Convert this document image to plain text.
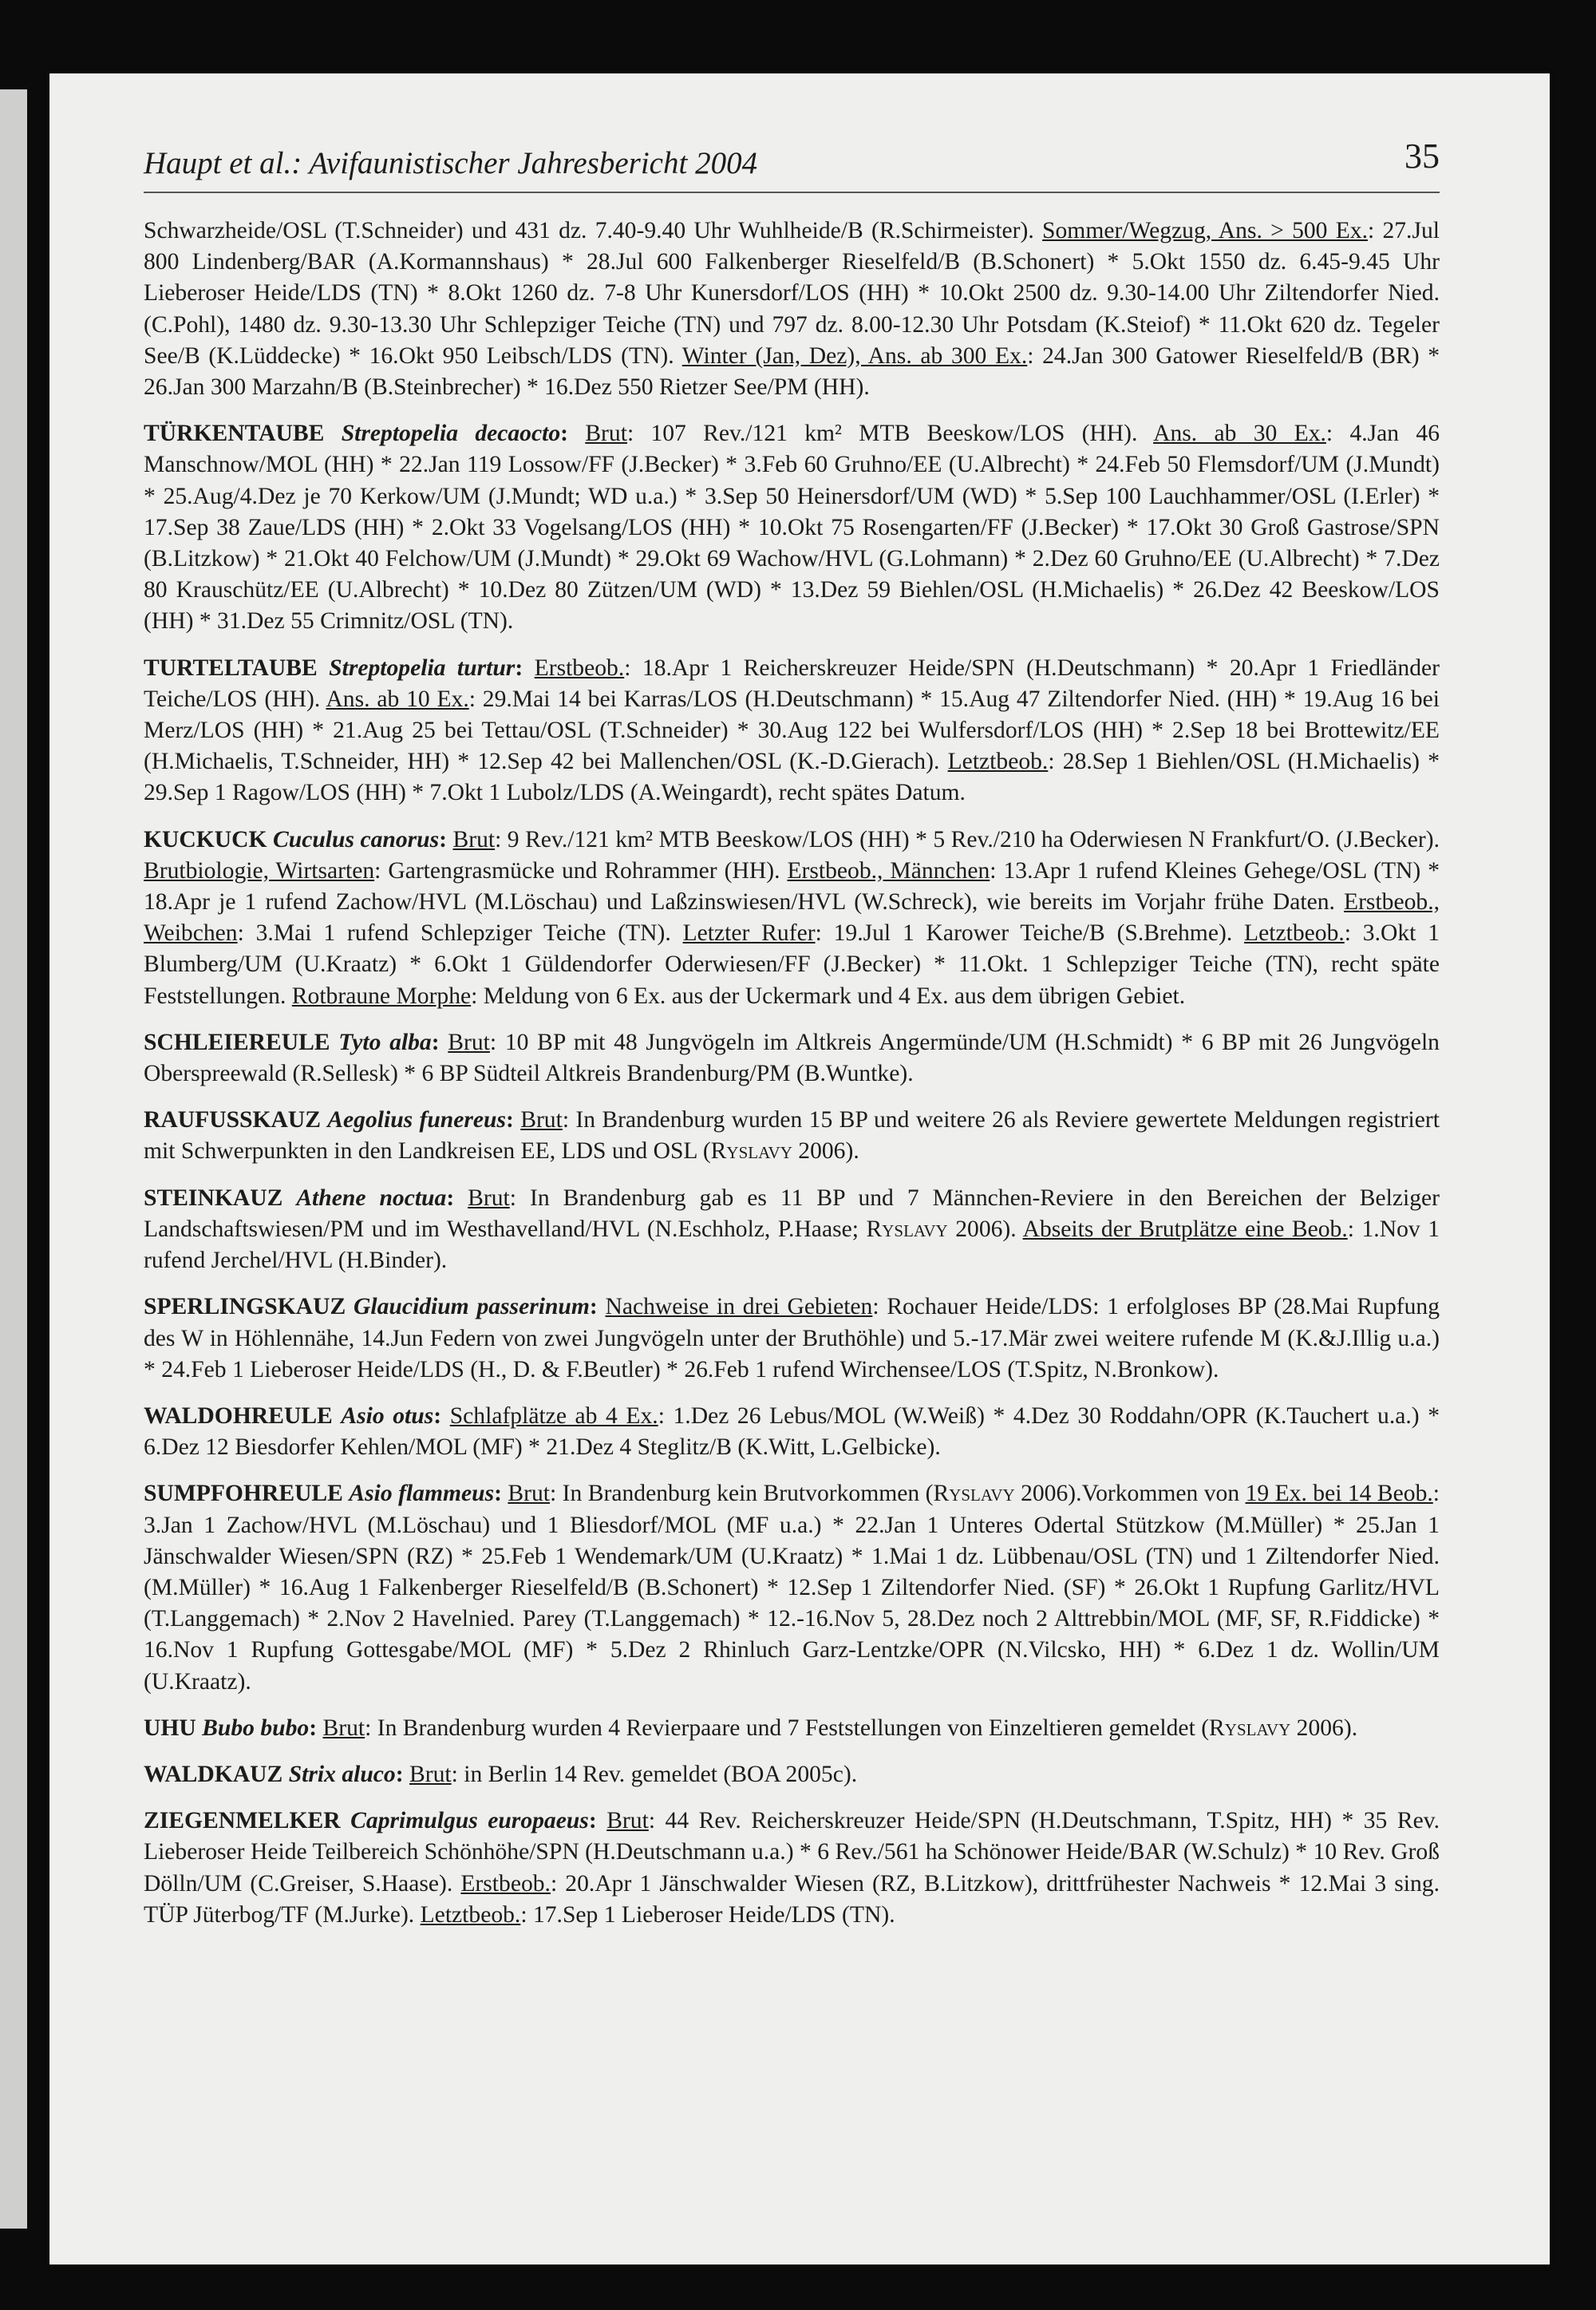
Haupt et al.: Avifaunistischer Jahresbericht 2004	35

Schwarzheide/OSL (T.Schneider) und 431 dz. 7.40-9.40 Uhr Wuhlheide/B (R.Schirmeister). Sommer/Wegzug, Ans. > 500 Ex.: 27.Jul 800 Lindenberg/BAR (A.Kormannshaus) * 28.Jul 600 Falkenberger Rieselfeld/B (B.Schonert) * 5.Okt 1550 dz. 6.45-9.45 Uhr Lieberoser Heide/LDS (TN) * 8.Okt 1260 dz. 7-8 Uhr Kunersdorf/LOS (HH) * 10.Okt 2500 dz. 9.30-14.00 Uhr Ziltendorfer Nied. (C.Pohl), 1480 dz. 9.30-13.30 Uhr Schlepziger Teiche (TN) und 797 dz. 8.00-12.30 Uhr Potsdam (K.Steiof) * 11.Okt 620 dz. Tegeler See/B (K.Lüddecke) * 16.Okt 950 Leibsch/LDS (TN). Winter (Jan, Dez), Ans. ab 300 Ex.: 24.Jan 300 Gatower Rieselfeld/B (BR) * 26.Jan 300 Marzahn/B (B.Steinbrecher) * 16.Dez 550 Rietzer See/PM (HH).

TÜRKENTAUBE Streptopelia decaocto: Brut: 107 Rev./121 km² MTB Beeskow/LOS (HH). Ans. ab 30 Ex.: 4.Jan 46 Manschnow/MOL (HH) * 22.Jan 119 Lossow/FF (J.Becker) * 3.Feb 60 Gruhno/EE (U.Albrecht) * 24.Feb 50 Flemsdorf/UM (J.Mundt) * 25.Aug/4.Dez je 70 Kerkow/UM (J.Mundt; WD u.a.) * 3.Sep 50 Heinersdorf/UM (WD) * 5.Sep 100 Lauchhammer/OSL (I.Erler) * 17.Sep 38 Zaue/LDS (HH) * 2.Okt 33 Vogelsang/LOS (HH) * 10.Okt 75 Rosengarten/FF (J.Becker) * 17.Okt 30 Groß Gastrose/SPN (B.Litzkow) * 21.Okt 40 Felchow/UM (J.Mundt) * 29.Okt 69 Wachow/HVL (G.Lohmann) * 2.Dez 60 Gruhno/EE (U.Albrecht) * 7.Dez 80 Krauschütz/EE (U.Albrecht) * 10.Dez 80 Zützen/UM (WD) * 13.Dez 59 Biehlen/OSL (H.Michaelis) * 26.Dez 42 Beeskow/LOS (HH) * 31.Dez 55 Crimnitz/OSL (TN).

TURTELTAUBE Streptopelia turtur: Erstbeob.: 18.Apr 1 Reicherskreuzer Heide/SPN (H.Deutschmann) * 20.Apr 1 Friedländer Teiche/LOS (HH). Ans. ab 10 Ex.: 29.Mai 14 bei Karras/LOS (H.Deutschmann) * 15.Aug 47 Ziltendorfer Nied. (HH) * 19.Aug 16 bei Merz/LOS (HH) * 21.Aug 25 bei Tettau/OSL (T.Schneider) * 30.Aug 122 bei Wulfersdorf/LOS (HH) * 2.Sep 18 bei Brottewitz/EE (H.Michaelis, T.Schneider, HH) * 12.Sep 42 bei Mallenchen/OSL (K.-D.Gierach). Letztbeob.: 28.Sep 1 Biehlen/OSL (H.Michaelis) * 29.Sep 1 Ragow/LOS (HH) * 7.Okt 1 Lubolz/LDS (A.Weingardt), recht spätes Datum.

KUCKUCK Cuculus canorus: Brut: 9 Rev./121 km² MTB Beeskow/LOS (HH) * 5 Rev./210 ha Oderwiesen N Frankfurt/O. (J.Becker). Brutbiologie, Wirtsarten: Gartengrasmücke und Rohrammer (HH). Erstbeob., Männchen: 13.Apr 1 rufend Kleines Gehege/OSL (TN) * 18.Apr je 1 rufend Zachow/HVL (M.Löschau) und Laßzinswiesen/HVL (W.Schreck), wie bereits im Vorjahr frühe Daten. Erstbeob., Weibchen: 3.Mai 1 rufend Schlepziger Teiche (TN). Letzter Rufer: 19.Jul 1 Karower Teiche/B (S.Brehme). Letztbeob.: 3.Okt 1 Blumberg/UM (U.Kraatz) * 6.Okt 1 Güldendorfer Oderwiesen/FF (J.Becker) * 11.Okt. 1 Schlepziger Teiche (TN), recht späte Feststellungen. Rotbraune Morphe: Meldung von 6 Ex. aus der Uckermark und 4 Ex. aus dem übrigen Gebiet.

SCHLEIEREULE Tyto alba: Brut: 10 BP mit 48 Jungvögeln im Altkreis Angermünde/UM (H.Schmidt) * 6 BP mit 26 Jungvögeln Oberspreewald (R.Sellesk) * 6 BP Südteil Altkreis Brandenburg/PM (B.Wuntke).

RAUFUSSKAUZ Aegolius funereus: Brut: In Brandenburg wurden 15 BP und weitere 26 als Reviere gewertete Meldungen registriert mit Schwerpunkten in den Landkreisen EE, LDS und OSL (Ryslavy 2006).

STEINKAUZ Athene noctua: Brut: In Brandenburg gab es 11 BP und 7 Männchen-Reviere in den Bereichen der Belziger Landschaftswiesen/PM und im Westhavelland/HVL (N.Eschholz, P.Haase; Ryslavy 2006). Abseits der Brutplätze eine Beob.: 1.Nov 1 rufend Jerchel/HVL (H.Binder).

SPERLINGSKAUZ Glaucidium passerinum: Nachweise in drei Gebieten: Rochauer Heide/LDS: 1 erfolgloses BP (28.Mai Rupfung des W in Höhlennähe, 14.Jun Federn von zwei Jungvögeln unter der Bruthöhle) und 5.-17.Mär zwei weitere rufende M (K.&J.Illig u.a.) * 24.Feb 1 Lieberoser Heide/LDS (H., D. & F.Beutler) * 26.Feb 1 rufend Wirchensee/LOS (T.Spitz, N.Bronkow).

WALDOHREULE Asio otus: Schlafplätze ab 4 Ex.: 1.Dez 26 Lebus/MOL (W.Weiß) * 4.Dez 30 Roddahn/OPR (K.Tauchert u.a.) * 6.Dez 12 Biesdorfer Kehlen/MOL (MF) * 21.Dez 4 Steglitz/B (K.Witt, L.Gelbicke).

SUMPFOHREULE Asio flammeus: Brut: In Brandenburg kein Brutvorkommen (Ryslavy 2006).Vorkommen von 19 Ex. bei 14 Beob.: 3.Jan 1 Zachow/HVL (M.Löschau) und 1 Bliesdorf/MOL (MF u.a.) * 22.Jan 1 Unteres Odertal Stützkow (M.Müller) * 25.Jan 1 Jänschwalder Wiesen/SPN (RZ) * 25.Feb 1 Wendemark/UM (U.Kraatz) * 1.Mai 1 dz. Lübbenau/OSL (TN) und 1 Ziltendorfer Nied. (M.Müller) * 16.Aug 1 Falkenberger Rieselfeld/B (B.Schonert) * 12.Sep 1 Ziltendorfer Nied. (SF) * 26.Okt 1 Rupfung Garlitz/HVL (T.Langgemach) * 2.Nov 2 Havelnied. Parey (T.Langgemach) * 12.-16.Nov 5, 28.Dez noch 2 Alttrebbin/MOL (MF, SF, R.Fiddicke) * 16.Nov 1 Rupfung Gottesgabe/MOL (MF) * 5.Dez 2 Rhinluch Garz-Lentzke/OPR (N.Vilcsko, HH) * 6.Dez 1 dz. Wollin/UM (U.Kraatz).

UHU Bubo bubo: Brut: In Brandenburg wurden 4 Revierpaare und 7 Feststellungen von Einzeltieren gemeldet (Ryslavy 2006).

WALDKAUZ Strix aluco: Brut: in Berlin 14 Rev. gemeldet (BOA 2005c).

ZIEGENMELKER Caprimulgus europaeus: Brut: 44 Rev. Reicherskreuzer Heide/SPN (H.Deutschmann, T.Spitz, HH) * 35 Rev. Lieberoser Heide Teilbereich Schönhöhe/SPN (H.Deutschmann u.a.) * 6 Rev./561 ha Schönower Heide/BAR (W.Schulz) * 10 Rev. Groß Dölln/UM (C.Greiser, S.Haase). Erstbeob.: 20.Apr 1 Jänschwalder Wiesen (RZ, B.Litzkow), drittfrühester Nachweis * 12.Mai 3 sing. TÜP Jüterbog/TF (M.Jurke). Letztbeob.: 17.Sep 1 Lieberoser Heide/LDS (TN).
